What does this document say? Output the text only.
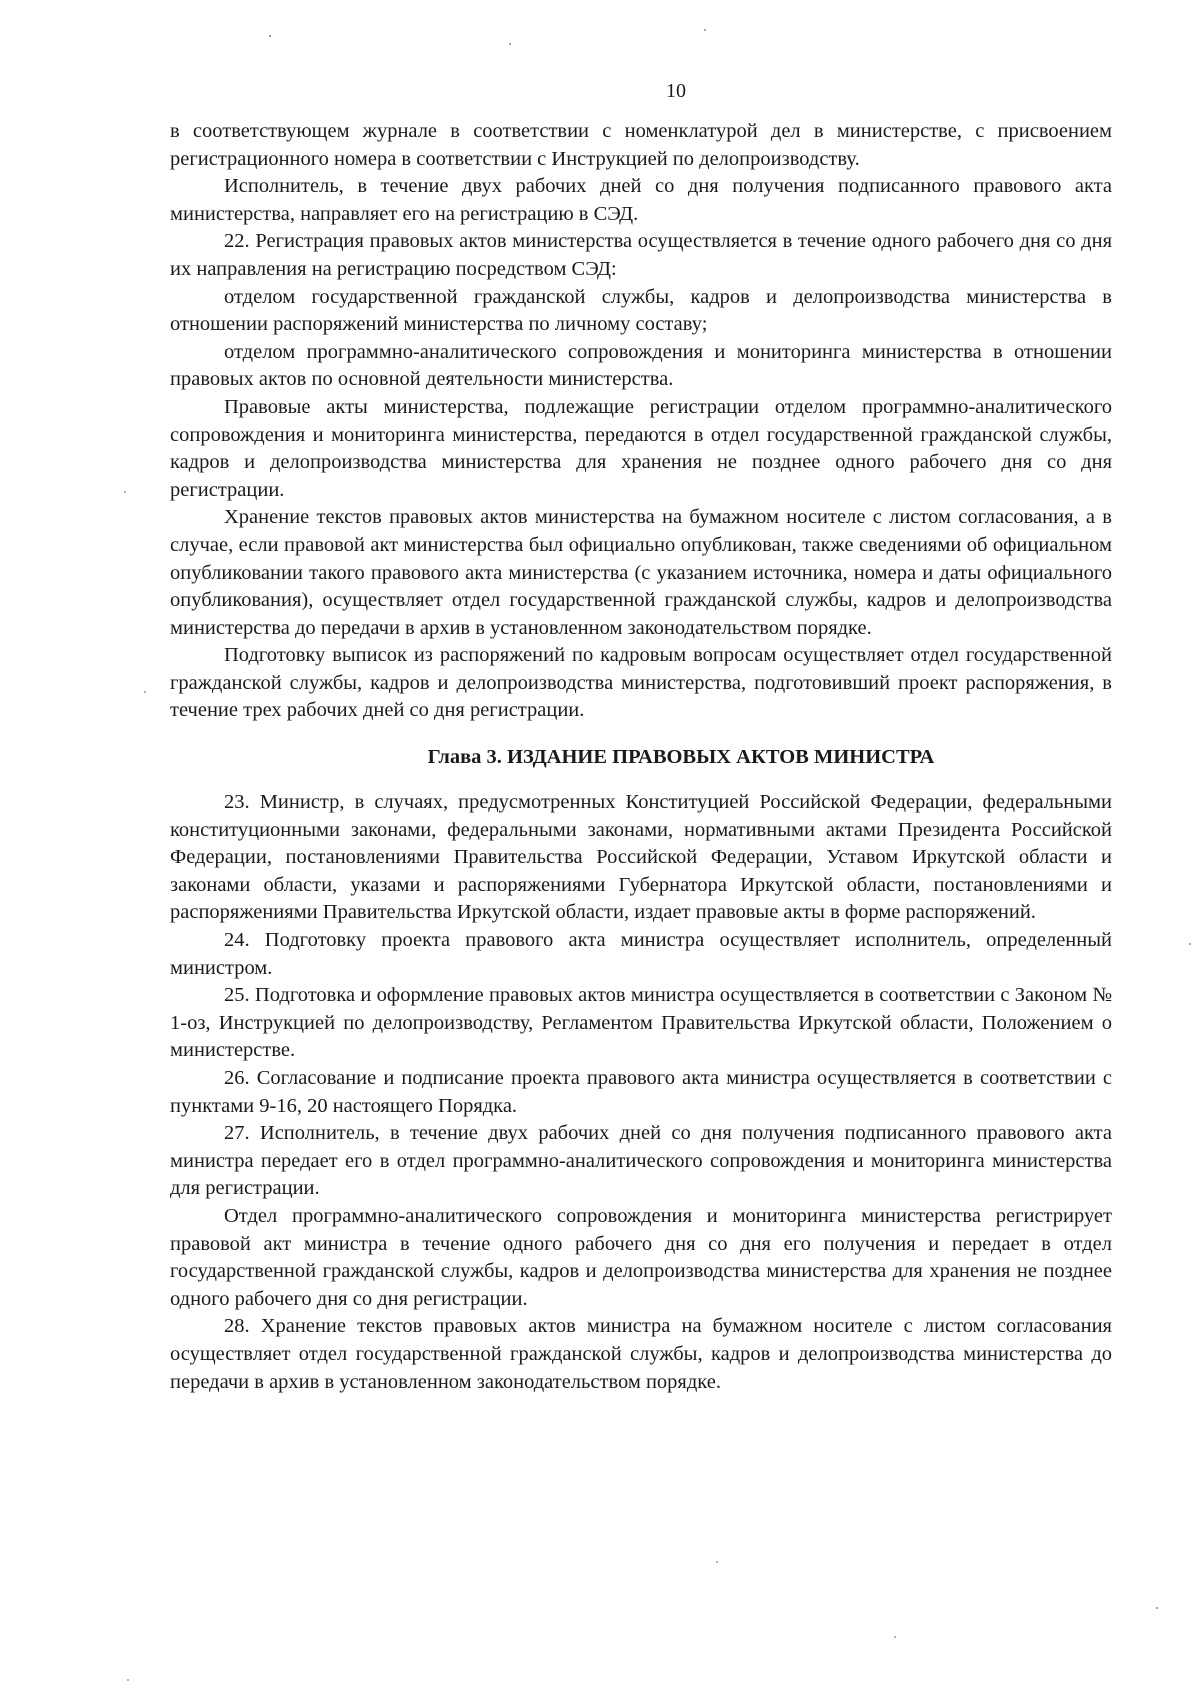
10

в соответствующем журнале в соответствии с номенклатурой дел в министерстве, с присвоением регистрационного номера в соответствии с Инструкцией по делопроизводству.

Исполнитель, в течение двух рабочих дней со дня получения подписанного правового акта министерства, направляет его на регистрацию в СЭД.

22. Регистрация правовых актов министерства осуществляется в течение одного рабочего дня со дня их направления на регистрацию посредством СЭД:

отделом государственной гражданской службы, кадров и делопроизводства министерства в отношении распоряжений министерства по личному составу;

отделом программно-аналитического сопровождения и мониторинга министерства в отношении правовых актов по основной деятельности министерства.

Правовые акты министерства, подлежащие регистрации отделом программно-аналитического сопровождения и мониторинга министерства, передаются в отдел государственной гражданской службы, кадров и делопроизводства министерства для хранения не позднее одного рабочего дня со дня регистрации.

Хранение текстов правовых актов министерства на бумажном носителе с листом согласования, а в случае, если правовой акт министерства был официально опубликован, также сведениями об официальном опубликовании такого правового акта министерства (с указанием источника, номера и даты официального опубликования), осуществляет отдел государственной гражданской службы, кадров и делопроизводства министерства до передачи в архив в установленном законодательством порядке.

Подготовку выписок из распоряжений по кадровым вопросам осуществляет отдел государственной гражданской службы, кадров и делопроизводства министерства, подготовивший проект распоряжения, в течение трех рабочих дней со дня регистрации.

Глава 3. ИЗДАНИЕ ПРАВОВЫХ АКТОВ МИНИСТРА

23. Министр, в случаях, предусмотренных Конституцией Российской Федерации, федеральными конституционными законами, федеральными законами, нормативными актами Президента Российской Федерации, постановлениями Правительства Российской Федерации, Уставом Иркутской области и законами области, указами и распоряжениями Губернатора Иркутской области, постановлениями и распоряжениями Правительства Иркутской области, издает правовые акты в форме распоряжений.

24. Подготовку проекта правового акта министра осуществляет исполнитель, определенный министром.

25. Подготовка и оформление правовых актов министра осуществляется в соответствии с Законом № 1-оз, Инструкцией по делопроизводству, Регламентом Правительства Иркутской области, Положением о министерстве.

26. Согласование и подписание проекта правового акта министра осуществляется в соответствии с пунктами 9-16, 20 настоящего Порядка.

27. Исполнитель, в течение двух рабочих дней со дня получения подписанного правового акта министра передает его в отдел программно-аналитического сопровождения и мониторинга министерства для регистрации.

Отдел программно-аналитического сопровождения и мониторинга министерства регистрирует правовой акт министра в течение одного рабочего дня со дня его получения и передает в отдел государственной гражданской службы, кадров и делопроизводства министерства для хранения не позднее одного рабочего дня со дня регистрации.

28. Хранение текстов правовых актов министра на бумажном носителе с листом согласования осуществляет отдел государственной гражданской службы, кадров и делопроизводства министерства до передачи в архив в установленном законодательством порядке.
